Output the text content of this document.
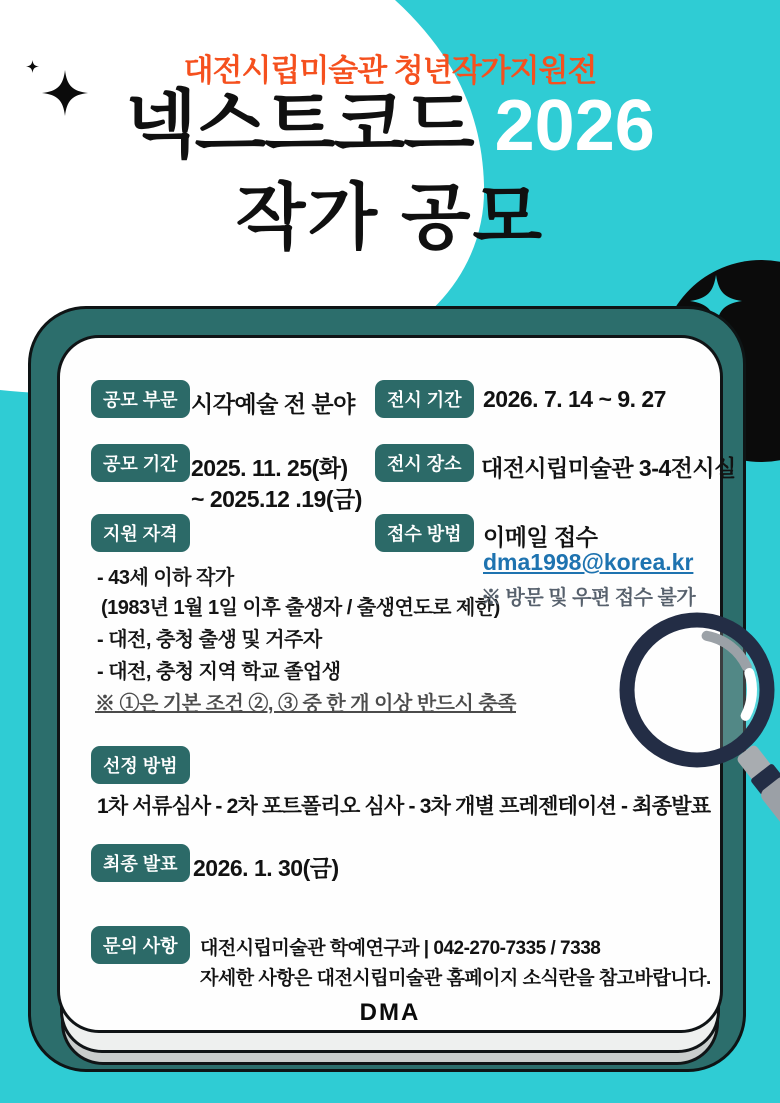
대전시립미술관 청년작가지원전
넥스트코드 2026
작가 공모
공모 부문 시각예술 전 분야	전시 기간 2026. 7. 14 ~ 9. 27
공모 기간 2025. 11. 25(화)
~ 2025.12 .19(금)
전시 장소 대전시립미술관 3-4전시실
지원 자격
- 43세 이하 작가
(1983년 1월 1일 이후 출생자 / 출생연도로 제한)
- 대전, 충청 출생 및 거주자
- 대전, 충청 지역 학교 졸업생
※ ①은 기본 조건 ②, ③ 중 한 개 이상 반드시 충족
접수 방법 이메일 접수
dma1998@korea.kr
※ 방문 및 우편 접수 불가
선정 방범
1차 서류심사 - 2차 포트폴리오 심사 - 3차 개별 프레젠테이션 - 최종발표
최종 발표 2026. 1. 30(금)
문의 사항	대전시립미술관 학예연구과 | 042-270-7335 / 7338
자세한 사항은 대전시립미술관 홈페이지 소식란을 참고바랍니다.
DMA
